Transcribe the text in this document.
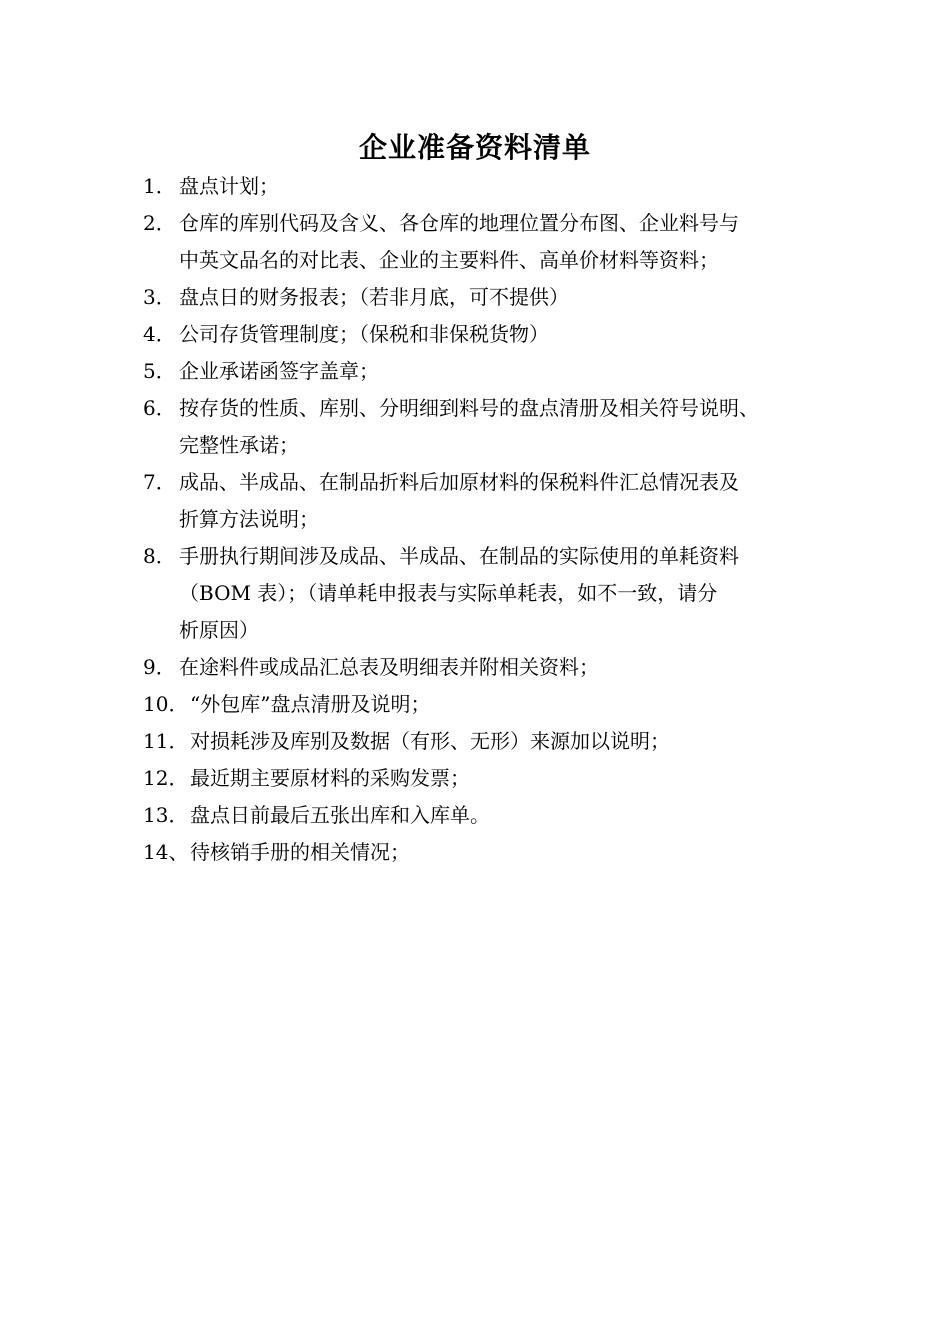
企业准备资料清单
1． 盘点计划；
2． 仓库的库别代码及含义、各仓库的地理位置分布图、企业料号与
中英文品名的对比表、企业的主要料件、高单价材料等资料；
3． 盘点日的财务报表；（若非月底，可不提供）
4． 公司存货管理制度；（保税和非保税货物）
5． 企业承诺函签字盖章；
6． 按存货的性质、库别、分明细到料号的盘点清册及相关符号说明、
完整性承诺；
7． 成品、半成品、在制品折料后加原材料的保税料件汇总情况表及
折算方法说明；
8． 手册执行期间涉及成品、半成品、在制品的实际使用的单耗资料
（BOM 表）；（请单耗申报表与实际单耗表，如不一致，请分
析原因）
9． 在途料件或成品汇总表及明细表并附相关资料；
10． “外包库”盘点清册及说明；
11． 对损耗涉及库别及数据（有形、无形）来源加以说明；
12． 最近期主要原材料的采购发票；
13． 盘点日前最后五张出库和入库单。
14、 待核销手册的相关情况；
